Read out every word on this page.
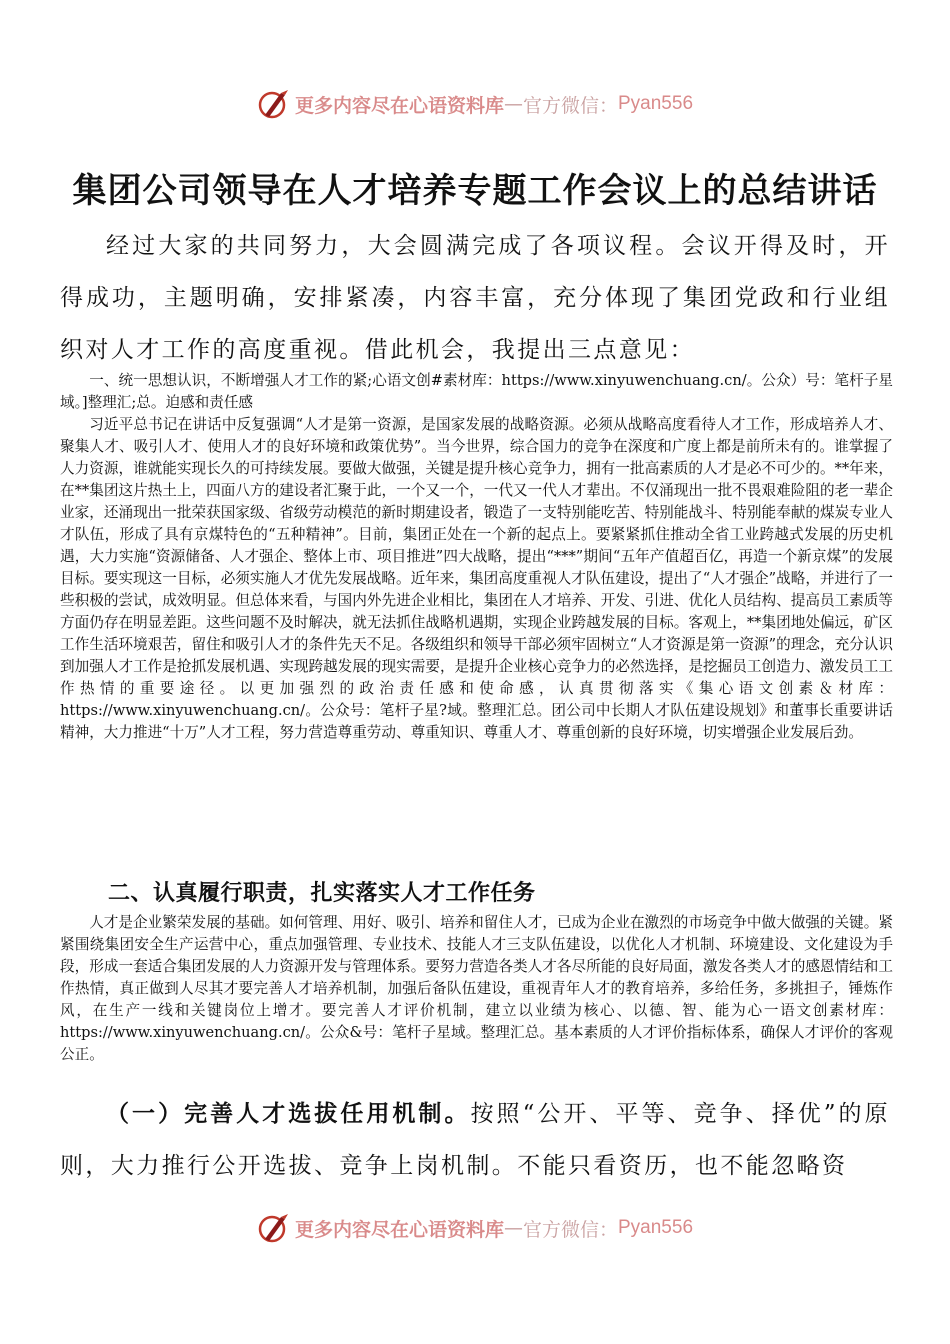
更多内容尽在心语资料库 — 官方微信： Pyan556
集团公司领导在人才培养专题工作会议上的总结讲话

经过大家的共同努力，大会圆满完成了各项议程。会议开得及时，开得成功，主题明确，安排紧凑，内容丰富，充分体现了集团党政和行业组织对人才工作的高度重视。借此机会，我提出三点意见：

一、统一思想认识，不断增强人才工作的紧;心语文创#素材库：https://www.xinyuwenchuang.cn/。公众）号：笔杆子星域。]整理汇;总。迫感和责任感

习近平总书记在讲话中反复强调“人才是第一资源，是国家发展的战略资源。必须从战略高度看待人才工作，形成培养人才、聚集人才、吸引人才、使用人才的良好环境和政策优势”。当今世界，综合国力的竞争在深度和广度上都是前所未有的。谁掌握了人力资源，谁就能实现长久的可持续发展。要做大做强，关键是提升核心竞争力，拥有一批高素质的人才是必不可少的。**年来，在**集团这片热土上，四面八方的建设者汇聚于此，一个又一个，一代又一代人才辈出。不仅涌现出一批不畏艰难险阻的老一辈企业家，还涌现出一批荣获国家级、省级劳动模范的新时期建设者，锻造了一支特别能吃苦、特别能战斗、特别能奉献的煤炭专业人才队伍，形成了具有京煤特色的“五种精神”。目前，集团正处在一个新的起点上。要紧紧抓住推动全省工业跨越式发展的历史机遇，大力实施“资源储备、人才强企、整体上市、项目推进”四大战略，提出“***”期间“五年产值超百亿，再造一个新京煤”的发展目标。要实现这一目标，必须实施人才优先发展战略。近年来，集团高度重视人才队伍建设，提出了“人才强企”战略，并进行了一些积极的尝试，成效明显。但总体来看，与国内外先进企业相比，集团在人才培养、开发、引进、优化人员结构、提高员工素质等方面仍存在明显差距。这些问题不及时解决，就无法抓住战略机遇期，实现企业跨越发展的目标。客观上，**集团地处偏远，矿区工作生活环境艰苦，留住和吸引人才的条件先天不足。各级组织和领导干部必须牢固树立“人才资源是第一资源”的理念，充分认识到加强人才工作是抢抓发展机遇、实现跨越发展的现实需要，是提升企业核心竞争力的必然选择，是挖掘员工创造力、激发员工工作热情的重要途径。以更加强烈的政治责任感和使命感，认真贯彻落实《集心语文创素＆材库：https://www.xinyuwenchuang.cn/。公众号：笔杆子星?域。整理汇总。团公司中长期人才队伍建设规划》和董事长重要讲话精神，大力推进“十万”人才工程，努力营造尊重劳动、尊重知识、尊重人才、尊重创新的良好环境，切实增强企业发展后劲。

二、认真履行职责，扎实落实人才工作任务

人才是企业繁荣发展的基础。如何管理、用好、吸引、培养和留住人才，已成为企业在激烈的市场竞争中做大做强的关键。紧紧围绕集团安全生产运营中心，重点加强管理、专业技术、技能人才三支队伍建设，以优化人才机制、环境建设、文化建设为手段，形成一套适合集团发展的人力资源开发与管理体系。要努力营造各类人才各尽所能的良好局面，激发各类人才的感恩情结和工作热情，真正做到人尽其才要完善人才培养机制，加强后备队伍建设，重视青年人才的教育培养，多给任务，多挑担子，锤炼作风，在生产一线和关键岗位上增才。要完善人才评价机制，建立以业绩为核心、以德、智、能为心一语文创素材库：https://www.xinyuwenchuang.cn/。公众&号：笔杆子星域。整理汇总。基本素质的人才评价指标体系，确保人才评价的客观公正。

（一）完善人才选拔任用机制。按照“公开、平等、竞争、择优”的原则，大力推行公开选拔、竞争上岗机制。不能只看资历，也不能忽略资

更多内容尽在心语资料库 — 官方微信： Pyan556
